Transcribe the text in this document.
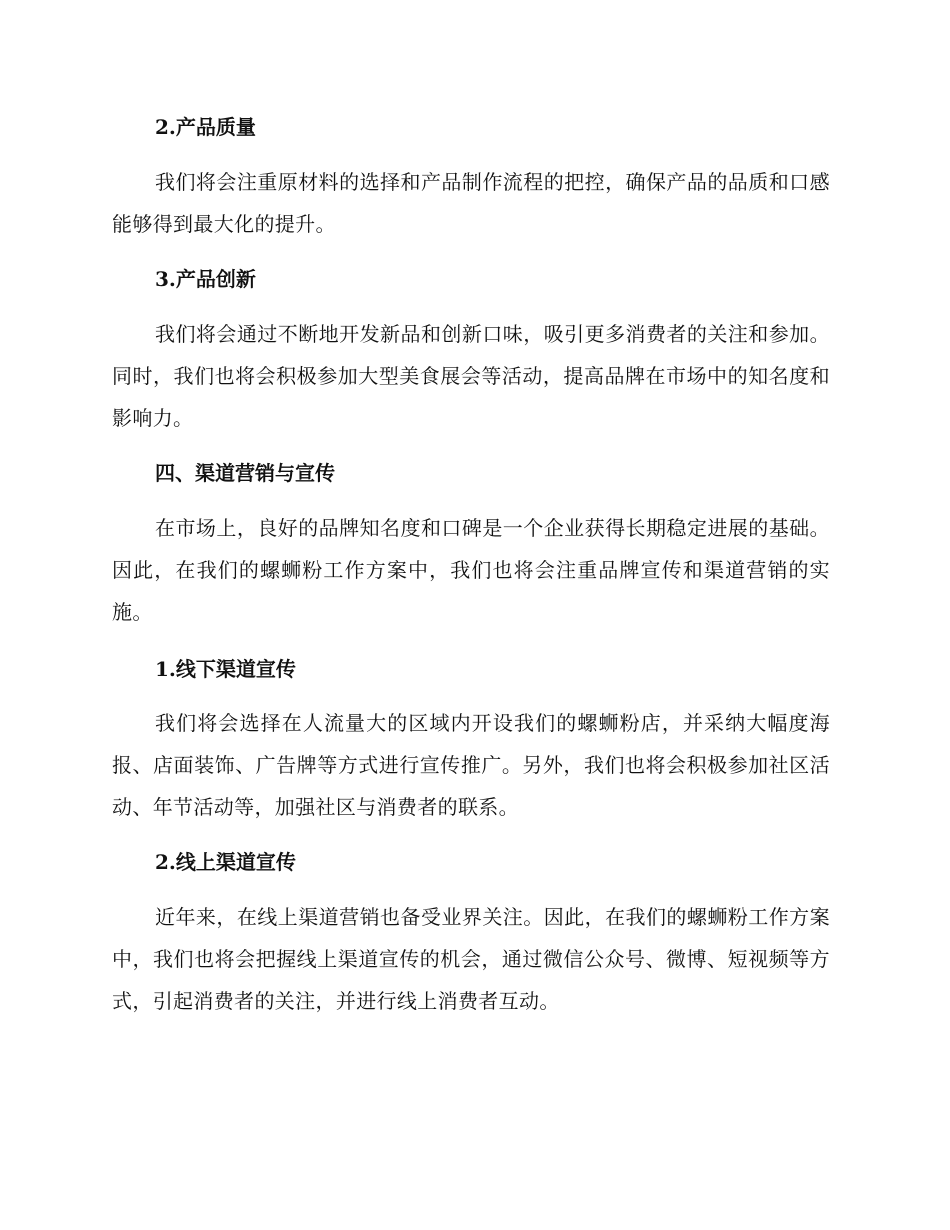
2.产品质量

我们将会注重原材料的选择和产品制作流程的把控，确保产品的品质和口感能够得到最大化的提升。

3.产品创新

我们将会通过不断地开发新品和创新口味，吸引更多消费者的关注和参加。同时，我们也将会积极参加大型美食展会等活动，提高品牌在市场中的知名度和影响力。

四、渠道营销与宣传

在市场上，良好的品牌知名度和口碑是一个企业获得长期稳定进展的基础。因此，在我们的螺蛳粉工作方案中，我们也将会注重品牌宣传和渠道营销的实施。

1.线下渠道宣传

我们将会选择在人流量大的区域内开设我们的螺蛳粉店，并采纳大幅度海报、店面装饰、广告牌等方式进行宣传推广。另外，我们也将会积极参加社区活动、年节活动等，加强社区与消费者的联系。

2.线上渠道宣传

近年来，在线上渠道营销也备受业界关注。因此，在我们的螺蛳粉工作方案中，我们也将会把握线上渠道宣传的机会，通过微信公众号、微博、短视频等方式，引起消费者的关注，并进行线上消费者互动。
